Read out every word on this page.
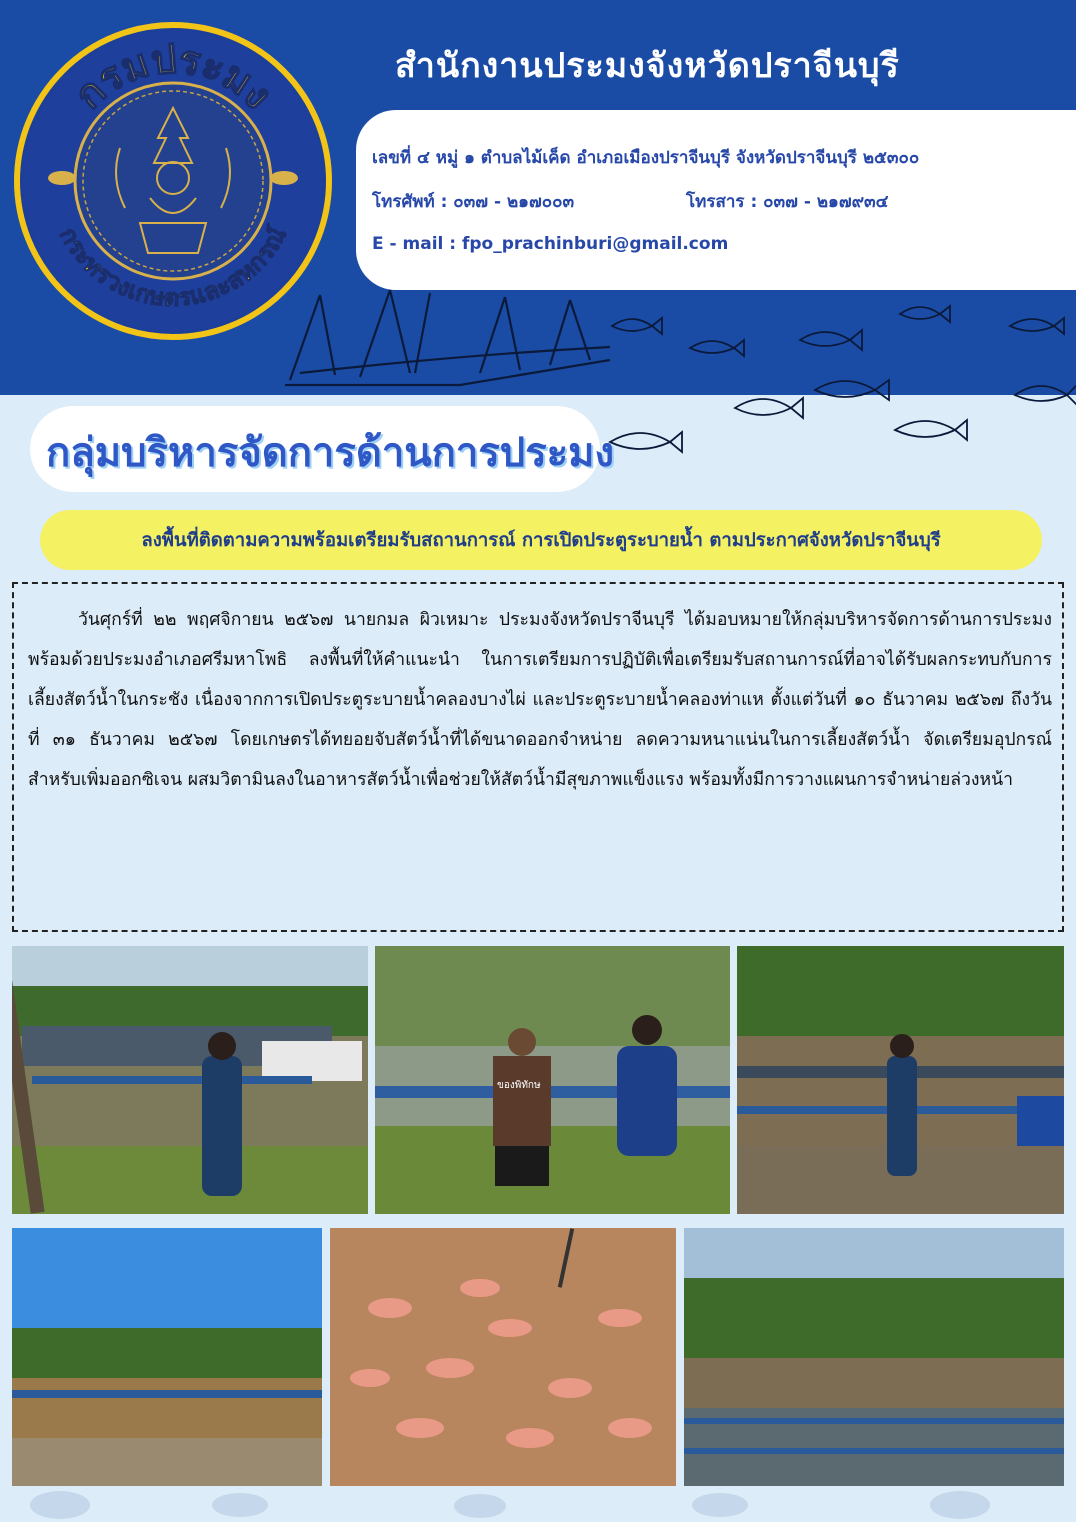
กรมประมง
กระทรวงเกษตรและสหกรณ์
สำนักงานประมงจังหวัดปราจีนบุรี
เลขที่ ๔ หมู่ ๑ ตำบลไม้เค็ด อำเภอเมืองปราจีนบุรี จังหวัดปราจีนบุรี ๒๕๓๐๐
โทรศัพท์ : ๐๓๗ - ๒๑๗๐๐๓	โทรสาร : ๐๓๗ - ๒๑๗๙๓๔
E - mail : fpo_prachinburi@gmail.com
กลุ่มบริหารจัดการด้านการประมง
ลงพื้นที่ติดตามความพร้อมเตรียมรับสถานการณ์ การเปิดประตูระบายน้ำ ตามประกาศจังหวัดปราจีนบุรี
วันศุกร์ที่ ๒๒ พฤศจิกายน ๒๕๖๗ นายกมล ผิวเหมาะ ประมงจังหวัดปราจีนบุรี ได้มอบหมายให้กลุ่มบริหารจัดการด้านการประมง พร้อมด้วยประมงอำเภอศรีมหาโพธิ ลงพื้นที่ให้คำแนะนำ ในการเตรียมการปฏิบัติเพื่อเตรียมรับสถานการณ์ที่อาจได้รับผลกระทบกับการเลี้ยงสัตว์น้ำในกระชัง เนื่องจากการเปิดประตูระบายน้ำคลองบางไผ่ และประตูระบายน้ำคลองท่าแห ตั้งแต่วันที่ ๑๐ ธันวาคม ๒๕๖๗ ถึงวันที่ ๓๑ ธันวาคม ๒๕๖๗ โดยเกษตรได้ทยอยจับสัตว์น้ำที่ได้ขนาดออกจำหน่าย ลดความหนาแน่นในการเลี้ยงสัตว์น้ำ จัดเตรียมอุปกรณ์สำหรับเพิ่มออกซิเจน ผสมวิตามินลงในอาหารสัตว์น้ำเพื่อช่วยให้สัตว์น้ำมีสุขภาพแข็งแรง พร้อมทั้งมีการวางแผนการจำหน่ายล่วงหน้า
ของพิทักษ
